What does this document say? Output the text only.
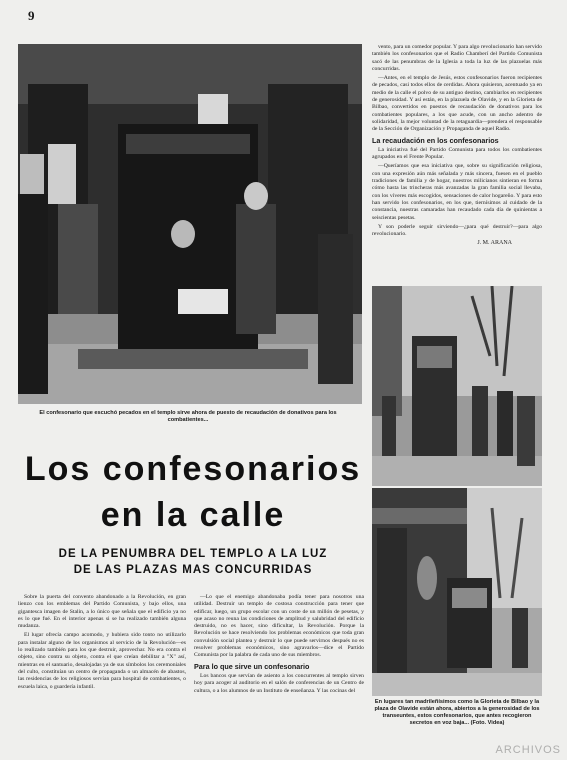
9
El confesonario que escuchó pecados en el templo sirve ahora de puesto de recaudación de donativos para los combatientes...
Los confesonarios
en la calle
DE LA PENUMBRA DEL TEMPLO A LA LUZ
DE LAS PLAZAS MAS CONCURRIDAS

Sobre la puerta del convento abandonado a la Revolución, en gran lienzo con los emblemas del Partido Comunista, y bajo ellos, una gigantesca imagen de Stalin, a lo único que señala que el edificio ya no es lo que fué. En el interior apenas si se ha realizado también alguna mudanza.

El lugar ofrecía campo acomodo, y hubiera sido tonto no utilizarlo para instalar alguno de los organismos al servicio de la Revolución—es lo realizado también para los que destruir, aprovechar. No era contra el objeto, sino contra su objeto, contra el que creían debilitar a "X" así, mientras en el santuario, desalojadas ya de sus símbolos los ceremoniales del culto, constituían un centro de propaganda o un almacén de abastos, las residencias de los religiosos servían para hospital de combatientes, o escuela laica, o guardería infantil.

—Lo que el enemigo abandonaba podía tener para nosotros una utilidad. Destruir un templo de costosa construcción para tener que edificar, luego, un grupo escolar con un coste de un millón de pesetas, y que acaso no reuna las condiciones de amplitud y salubridad del edificio destruido, no es hacer, sino dificultar, la Revolución. Porque la Revolución se hace resolviendo los problemas económicos que toda gran convulsión social plantea y destruir lo que puede servirnos después no es resolver problemas económicos, sino agravarlos—dice el Partido Comunista por la palabra de cada uno de sus miembros.

Para lo que sirve un confesonario

Los bancos que servían de asiento a los concurrentes al templo sirven hoy para acoger al auditorio en el salón de conferencias de un Centro de cultura, o a los alumnos de un Instituto de enseñanza. Y las cocinas del

vento, para un comedor popular. Y para algo revolucionario han servido también los confesonarios que el Radio Chamberí del Partido Comunista sacó de las penumbras de la Iglesia a toda la luz de las plazuelas más concurridas.

—Antes, en el templo de Jesús, estos confesonarios fueron recipientes de pecados, casi todos ellos de cerdidas. Ahora quisieron, acentuado ya en medio de la calle el polvo de su antiguo destino, cambiarlos en recipientes de generosidad. Y así están, en la plazuela de Olavide, y en la Glorieta de Bilbao, convertidos en puestos de recaudación de donativos para los combatientes populares, a los que acude, con un ancho adentro de solidaridad, la mejor voluntad de la retaguardia—prendera el responsable de la Sección de Organización y Propaganda de aquel Radio.

La recaudación en los confesonarios

La iniciativa fué del Partido Comunista para todos los combatientes agrupados en el Frente Popular.

—Queríamos que esa iniciativa que, sobre su significación religiosa, con una expresión aún más señalada y más sincera, fuesen en el pueblo tradiciones de familia y de hogar, nuestros milicianos sintieran en forma cómo hasta las trincheras más avanzadas la gran familia social llevaba, con los víveres más escogidos, sensaciones de calor hogareño. Y para esto han servido los confesonarios, en los que, tiernísimos al cuidado de la constancia, nuestras camaradas han recaudado cada día de quinientas a seiscientas pesetas.

Y son poderle seguir sirviendo—¿para qué destruir?—para algo revolucionario.

J. M. ARANA
En lugares tan madrileñísimos como la Glorieta de Bilbao y la plaza de Olavide están ahora, abiertos a la generosidad de los transeuntes, estos confesonarios, que antes recogieron secretos en voz baja... (Foto. Videa)
ARCHIVOS
